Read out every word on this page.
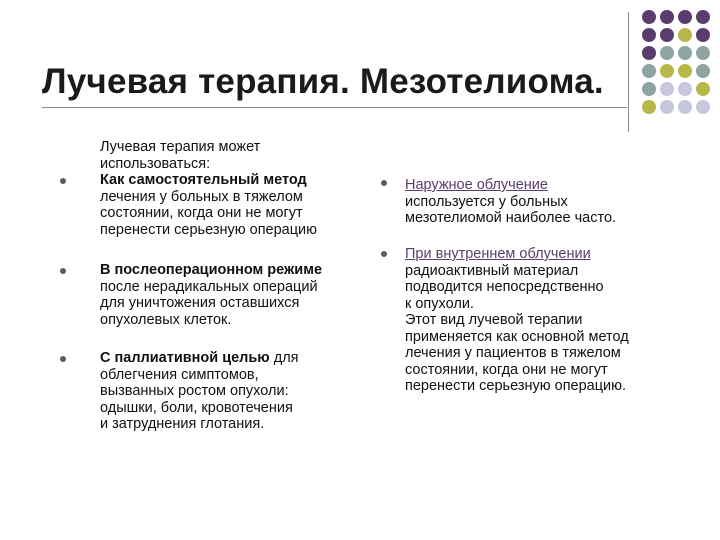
Лучевая терапия. Мезотелиома.
Лучевая терапия может
использоваться:
Как самостоятельный метод
лечения у больных в тяжелом
состоянии, когда они не могут
перенести серьезную операцию
В послеоперационном режиме
после нерадикальных операций
для уничтожения оставшихся
опухолевых клеток.
С паллиативной целью для
облегчения симптомов,
вызванных ростом опухоли:
одышки, боли, кровотечения
и затруднения глотания.
Наружное облучение
используется у больных
мезотелиомой наиболее часто.
При внутреннем облучении
радиоактивный материал
подводится непосредственно
к опухоли.
Этот вид лучевой терапии
применяется как основной метод
лечения у пациентов в тяжелом
состоянии, когда они не могут
перенести серьезную операцию.
